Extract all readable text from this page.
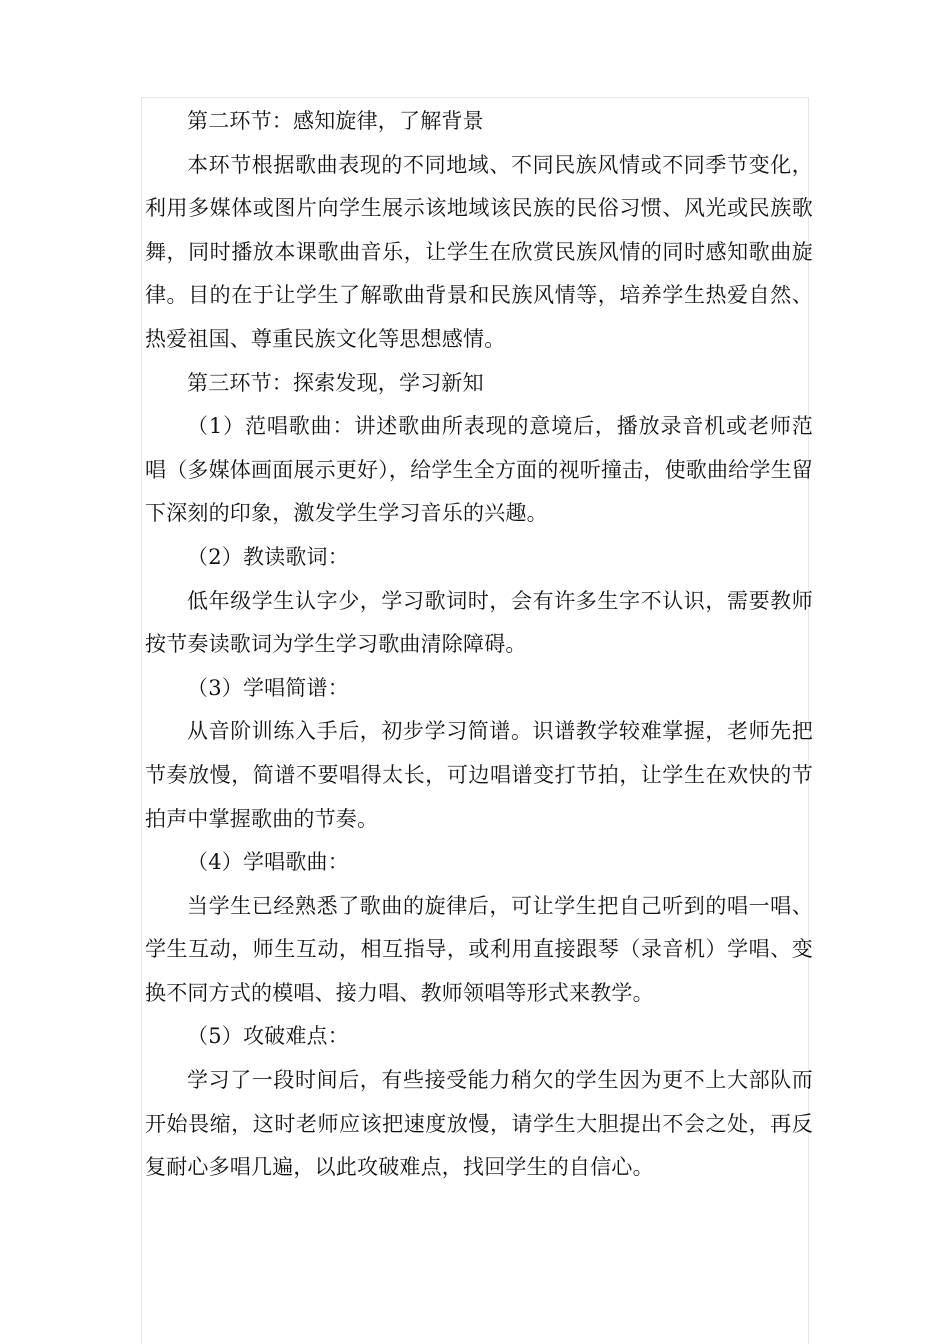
第二环节：感知旋律，了解背景

本环节根据歌曲表现的不同地域、不同民族风情或不同季节变化，利用多媒体或图片向学生展示该地域该民族的民俗习惯、风光或民族歌舞，同时播放本课歌曲音乐，让学生在欣赏民族风情的同时感知歌曲旋律。目的在于让学生了解歌曲背景和民族风情等，培养学生热爱自然、热爱祖国、尊重民族文化等思想感情。

第三环节：探索发现，学习新知

（1）范唱歌曲：讲述歌曲所表现的意境后，播放录音机或老师范唱（多媒体画面展示更好），给学生全方面的视听撞击，使歌曲给学生留下深刻的印象，激发学生学习音乐的兴趣。

（2）教读歌词：

低年级学生认字少，学习歌词时，会有许多生字不认识，需要教师按节奏读歌词为学生学习歌曲清除障碍。

（3）学唱简谱：

从音阶训练入手后，初步学习简谱。识谱教学较难掌握，老师先把节奏放慢，简谱不要唱得太长，可边唱谱变打节拍，让学生在欢快的节拍声中掌握歌曲的节奏。

（4）学唱歌曲：

当学生已经熟悉了歌曲的旋律后，可让学生把自己听到的唱一唱、学生互动，师生互动，相互指导，或利用直接跟琴（录音机）学唱、变换不同方式的模唱、接力唱、教师领唱等形式来教学。

（5）攻破难点：

学习了一段时间后，有些接受能力稍欠的学生因为更不上大部队而开始畏缩，这时老师应该把速度放慢，请学生大胆提出不会之处，再反复耐心多唱几遍，以此攻破难点，找回学生的自信心。
